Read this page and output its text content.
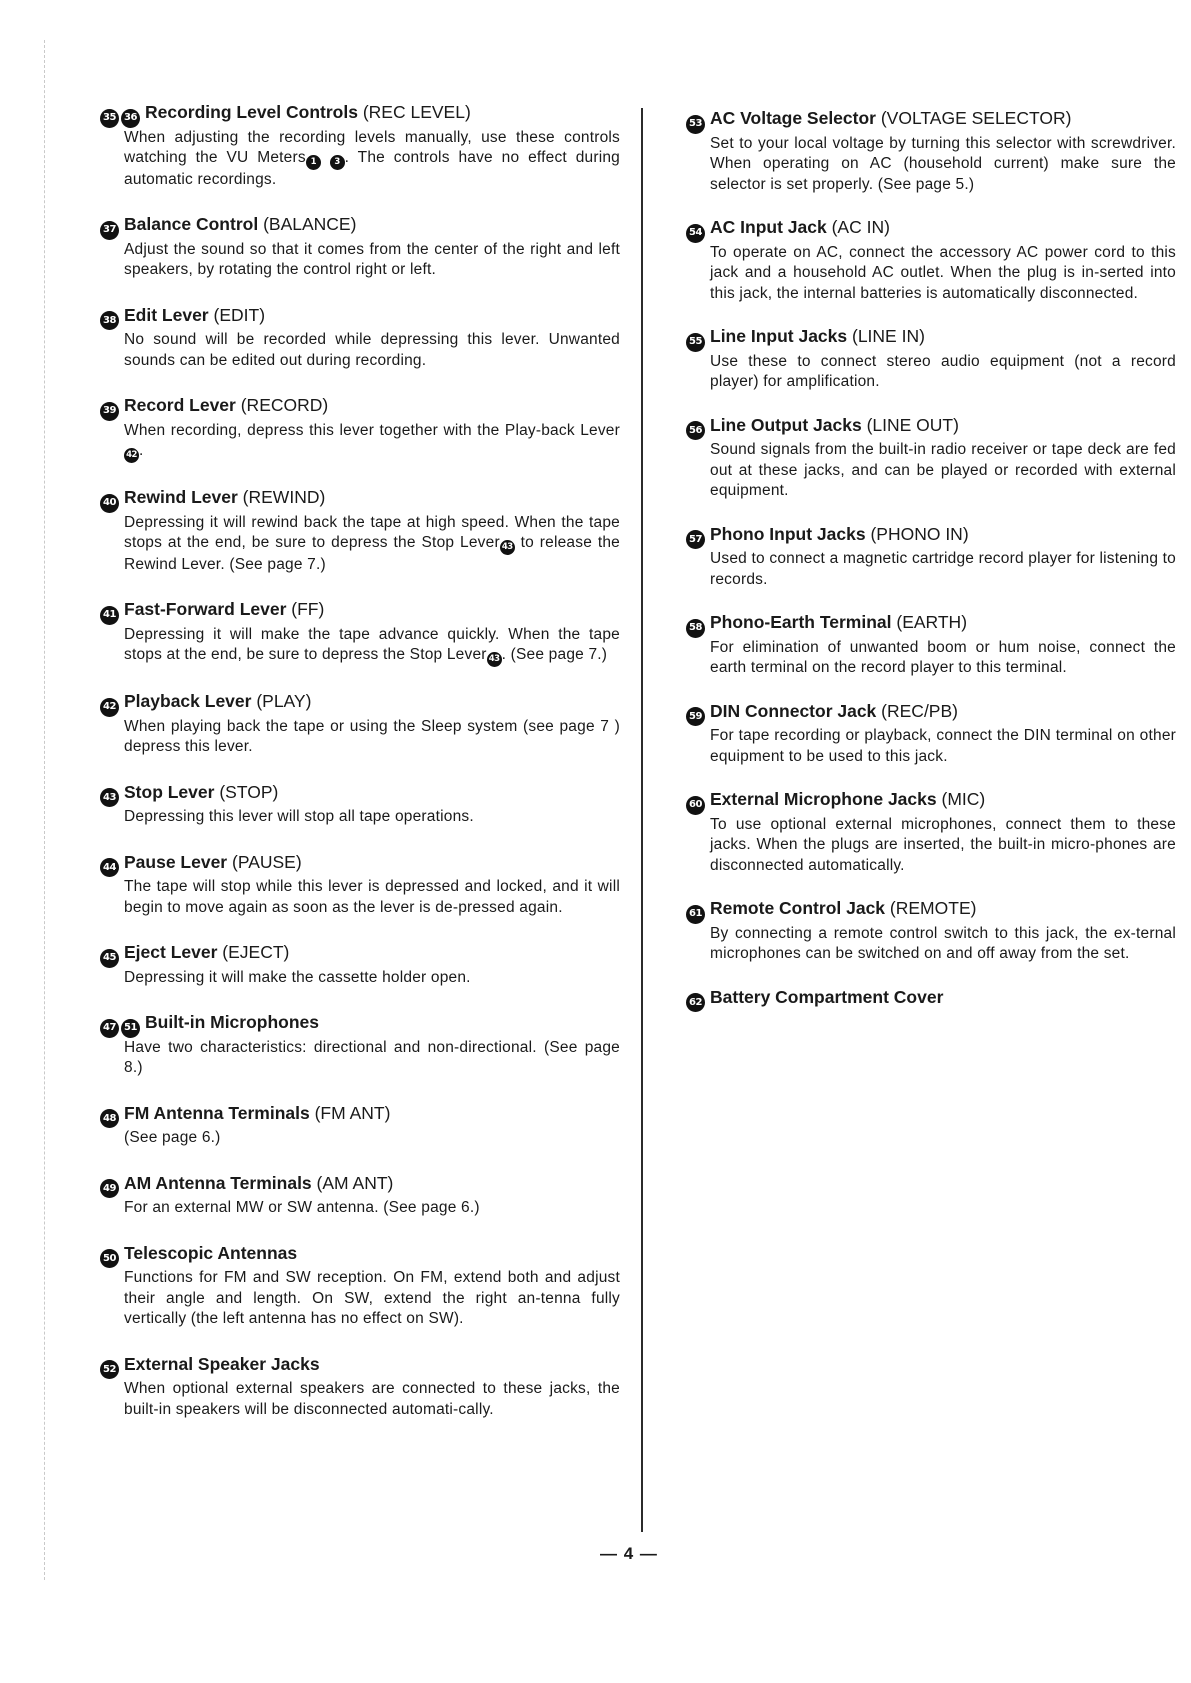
35 36 Recording Level Controls (REC LEVEL)
When adjusting the recording levels manually, use these controls watching the VU Meters 1 3 . The controls have no effect during automatic recordings.
37 Balance Control (BALANCE)
Adjust the sound so that it comes from the center of the right and left speakers, by rotating the control right or left.
38 Edit Lever (EDIT)
No sound will be recorded while depressing this lever. Unwanted sounds can be edited out during recording.
39 Record Lever (RECORD)
When recording, depress this lever together with the Play-back Lever42 .
40 Rewind Lever (REWIND)
Depressing it will rewind back the tape at high speed. When the tape stops at the end, be sure to depress the Stop Lever 43 to release the Rewind Lever. (See page 7.)
41 Fast-Forward Lever (FF)
Depressing it will make the tape advance quickly. When the tape stops at the end, be sure to depress the Stop Lever 43 . (See page 7.)
42 Playback Lever (PLAY)
When playing back the tape or using the Sleep system (see page 7 ) depress this lever.
43 Stop Lever (STOP)
Depressing this lever will stop all tape operations.
44 Pause Lever (PAUSE)
The tape will stop while this lever is depressed and locked, and it will begin to move again as soon as the lever is de-pressed again.
45 Eject Lever (EJECT)
Depressing it will make the cassette holder open.
47 51 Built-in Microphones
Have two characteristics: directional and non-directional. (See page 8.)
48 FM Antenna Terminals (FM ANT)
(See page 6.)
49 AM Antenna Terminals (AM ANT)
For an external MW or SW antenna. (See page 6.)
50 Telescopic Antennas
Functions for FM and SW reception. On FM, extend both and adjust their angle and length. On SW, extend the right an-tenna fully vertically (the left antenna has no effect on SW).
52 External Speaker Jacks
When optional external speakers are connected to these jacks, the built-in speakers will be disconnected automati-cally.
53 AC Voltage Selector (VOLTAGE SELECTOR)
Set to your local voltage by turning this selector with screwdriver. When operating on AC (household current) make sure the selector is set properly. (See page 5.)
54 AC Input Jack (AC IN)
To operate on AC, connect the accessory AC power cord to this jack and a household AC outlet. When the plug is in-serted into this jack, the internal batteries is automatically disconnected.
55 Line Input Jacks (LINE IN)
Use these to connect stereo audio equipment (not a record player) for amplification.
56 Line Output Jacks (LINE OUT)
Sound signals from the built-in radio receiver or tape deck are fed out at these jacks, and can be played or recorded with external equipment.
57 Phono Input Jacks (PHONO IN)
Used to connect a magnetic cartridge record player for listening to records.
58 Phono-Earth Terminal (EARTH)
For elimination of unwanted boom or hum noise, connect the earth terminal on the record player to this terminal.
59 DIN Connector Jack (REC/PB)
For tape recording or playback, connect the DIN terminal on other equipment to be used to this jack.
60 External Microphone Jacks (MIC)
To use optional external microphones, connect them to these jacks. When the plugs are inserted, the built-in micro-phones are disconnected automatically.
61 Remote Control Jack (REMOTE)
By connecting a remote control switch to this jack, the ex-ternal microphones can be switched on and off away from the set.
62 Battery Compartment Cover
— 4 —
